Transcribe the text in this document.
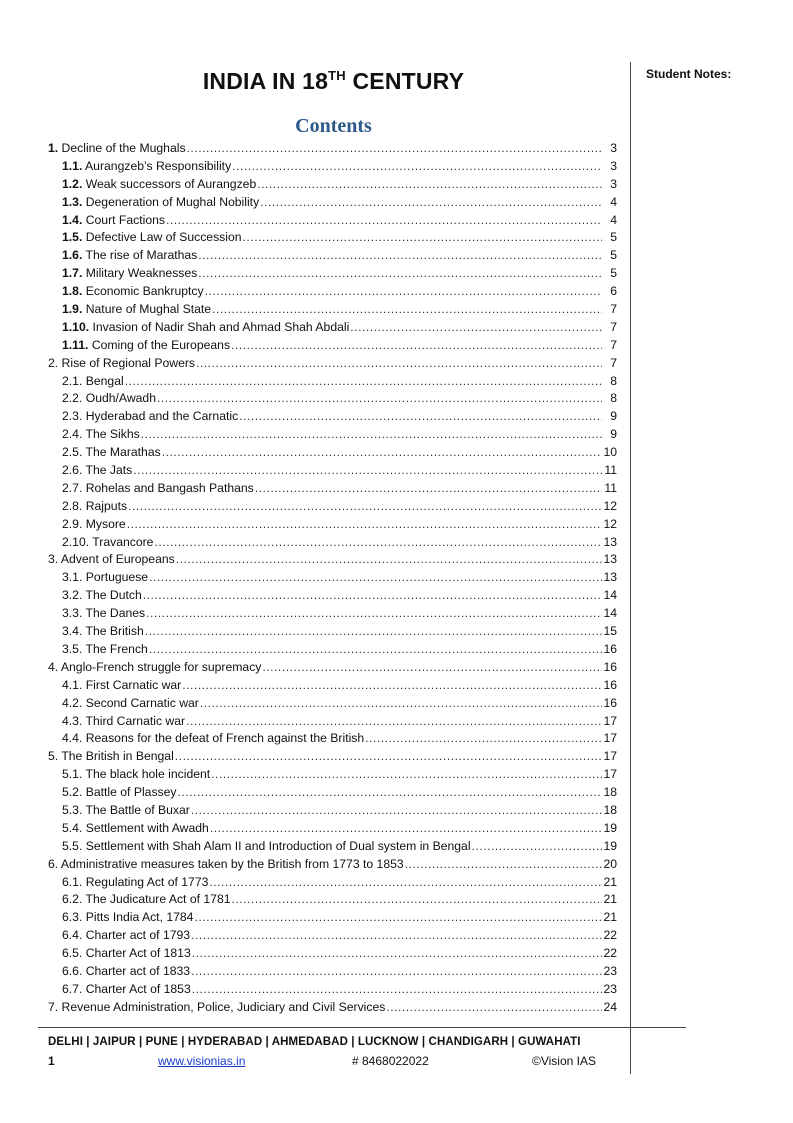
Student Notes:
INDIA IN 18TH CENTURY
Contents
1. Decline of the Mughals .....	3
1.1. Aurangzeb’s Responsibility .....	3
1.2. Weak successors of Aurangzeb .....	3
1.3. Degeneration of Mughal Nobility .....	4
1.4. Court Factions .....	4
1.5. Defective Law of Succession .....	5
1.6. The rise of Marathas .....	5
1.7. Military Weaknesses .....	5
1.8. Economic Bankruptcy .....	6
1.9. Nature of Mughal State .....	7
1.10. Invasion of Nadir Shah and Ahmad Shah Abdali .....	7
1.11. Coming of the Europeans .....	7
2. Rise of Regional Powers .....	7
2.1. Bengal .....	8
2.2. Oudh/Awadh .....	8
2.3. Hyderabad and the Carnatic .....	9
2.4. The Sikhs .....	9
2.5. The Marathas .....	10
2.6. The Jats .....	11
2.7. Rohelas and Bangash Pathans .....	11
2.8. Rajputs .....	12
2.9. Mysore .....	12
2.10. Travancore .....	13
3. Advent of Europeans .....	13
3.1. Portuguese .....	13
3.2. The Dutch .....	14
3.3. The Danes .....	14
3.4. The British .....	15
3.5. The French .....	16
4. Anglo-French struggle for supremacy .....	16
4.1. First Carnatic war .....	16
4.2. Second Carnatic war .....	16
4.3. Third Carnatic war .....	17
4.4. Reasons for the defeat of French against the British .....	17
5. The British in Bengal .....	17
5.1. The black hole incident .....	17
5.2. Battle of Plassey .....	18
5.3. The Battle of Buxar .....	18
5.4. Settlement with Awadh .....	19
5.5. Settlement with Shah Alam II and Introduction of Dual system in Bengal .....	19
6. Administrative measures taken by the British from 1773 to 1853 .....	20
6.1. Regulating Act of 1773 .....	21
6.2. The Judicature Act of 1781 .....	21
6.3. Pitts India Act, 1784 .....	21
6.4. Charter act of 1793 .....	22
6.5. Charter Act of 1813 .....	22
6.6. Charter act of 1833 .....	23
6.7. Charter Act of 1853 .....	23
7. Revenue Administration, Police, Judiciary and Civil Services .....	24
DELHI | JAIPUR | PUNE | HYDERABAD | AHMEDABAD | LUCKNOW | CHANDIGARH | GUWAHATI
1	www.visionias.in	# 8468022022	©Vision IAS
